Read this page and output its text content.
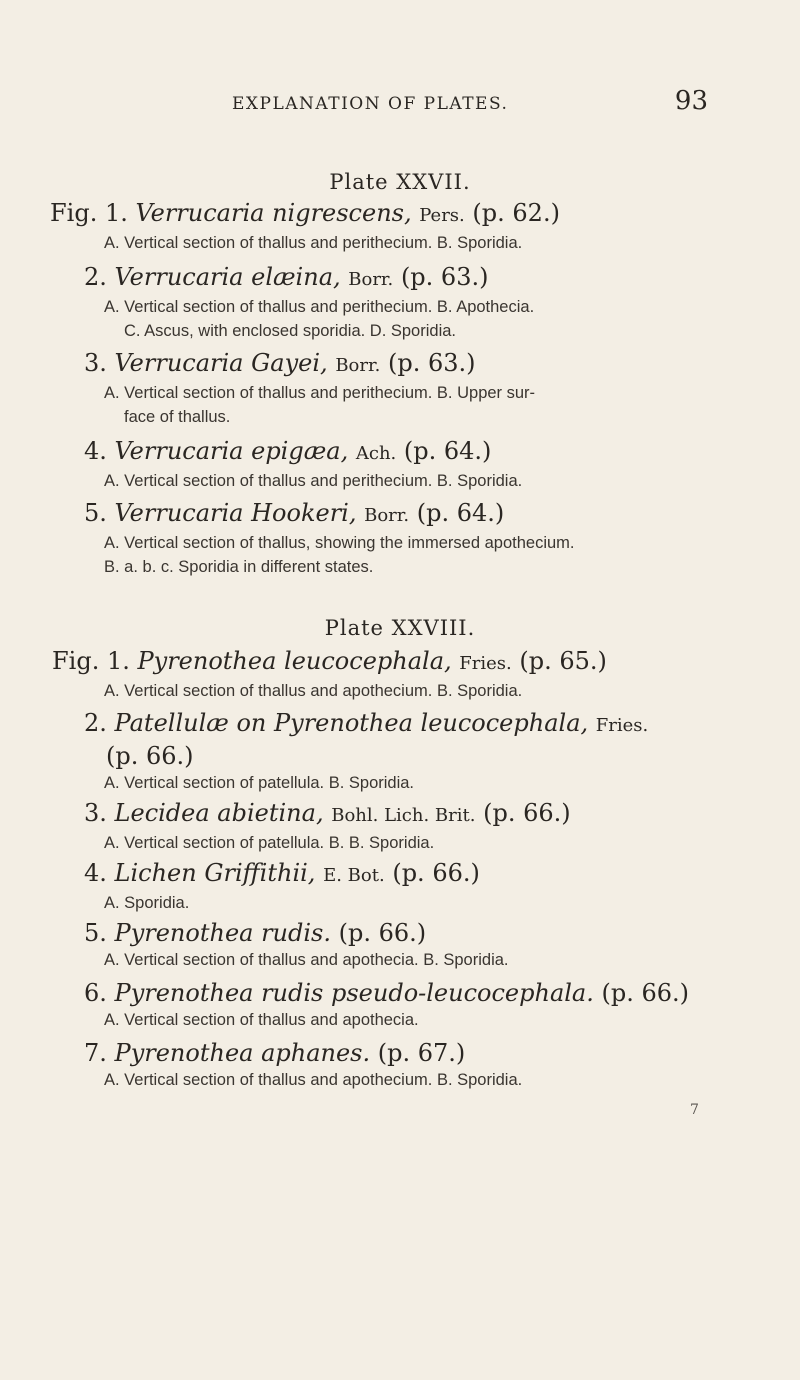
EXPLANATION OF PLATES.	93
Plate XXVII.
Fig. 1. Verrucaria nigrescens, Pers. (p. 62.)
A. Vertical section of thallus and perithecium. B. Sporidia.
2. Verrucaria elæina, Borr. (p. 63.)
A. Vertical section of thallus and perithecium. B. Apothecia.
C. Ascus, with enclosed sporidia. D. Sporidia.
3. Verrucaria Gayei, Borr. (p. 63.)
A. Vertical section of thallus and perithecium. B. Upper sur-
face of thallus.
4. Verrucaria epigæa, Ach. (p. 64.)
A. Vertical section of thallus and perithecium. B. Sporidia.
5. Verrucaria Hookeri, Borr. (p. 64.)
A. Vertical section of thallus, showing the immersed apothecium.
B. a. b. c. Sporidia in different states.
Plate XXVIII.
Fig. 1. Pyrenothea leucocephala, Fries. (p. 65.)
A. Vertical section of thallus and apothecium. B. Sporidia.
2. Patellulæ on Pyrenothea leucocephala, Fries.
(p. 66.)
A. Vertical section of patellula. B. Sporidia.
3. Lecidea abietina, Bohl. Lich. Brit. (p. 66.)
A. Vertical section of patellula. B. B. Sporidia.
4. Lichen Griffithii, E. Bot. (p. 66.)
A. Sporidia.
5. Pyrenothea rudis. (p. 66.)
A. Vertical section of thallus and apothecia. B. Sporidia.
6. Pyrenothea rudis pseudo-leucocephala. (p. 66.)
A. Vertical section of thallus and apothecia.
7. Pyrenothea aphanes. (p. 67.)
A. Vertical section of thallus and apothecium. B. Sporidia.
7
